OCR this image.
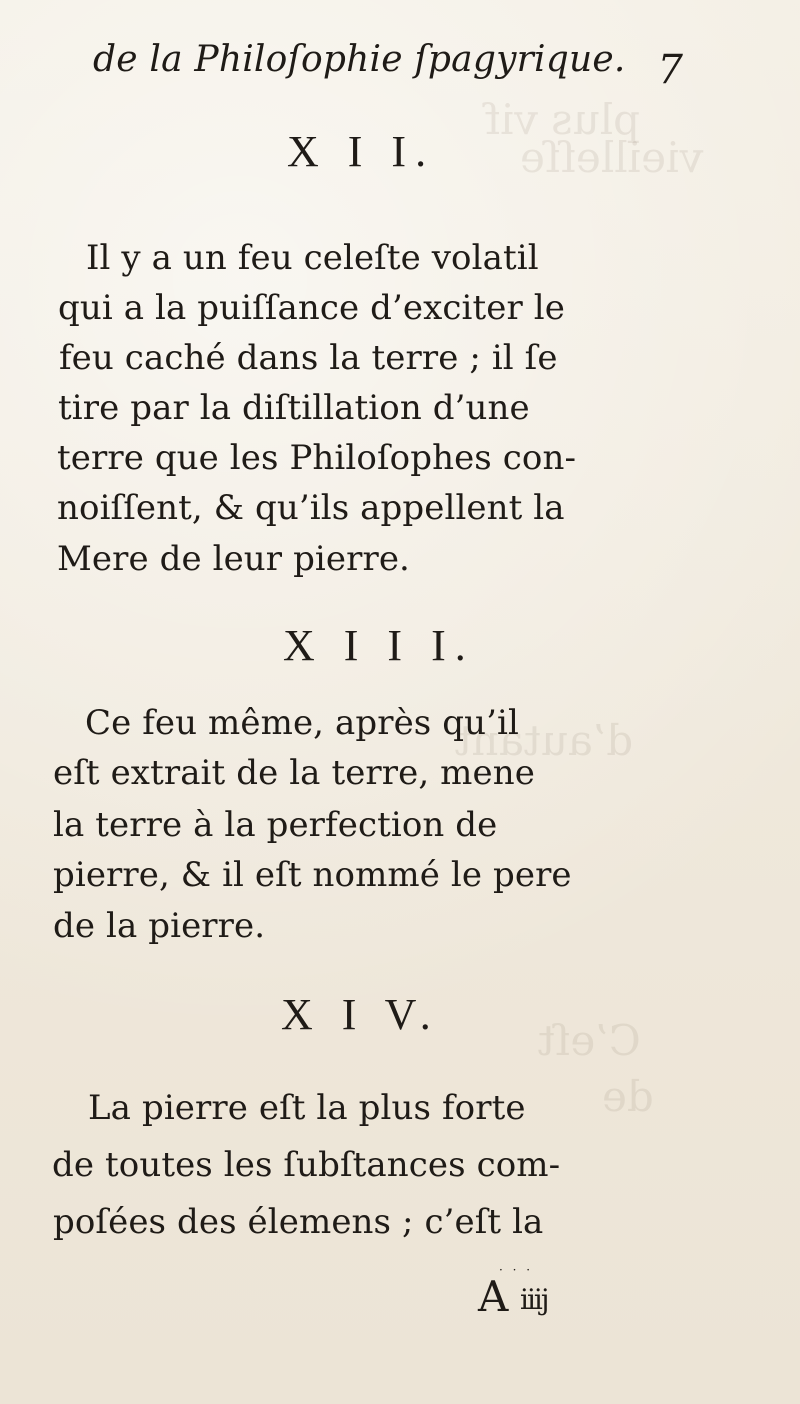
plus vif
vieilleſſe
d’autant
C’eſt
de
de la Philoſophie ſpagyrique. 7
X I I.
Il y a un feu celeſte volatil
qui a la puiſſance d’exciter le
feu caché dans la terre ; il ſe
tire par la diſtillation d’une
terre que les Philoſophes con-
noiſſent, & qu’ils appellent la
Mere de leur pierre.
X I I I.
Ce feu même, après qu’il
eſt extrait de la terre, mene
la terre à la perfection de
pierre, & il eſt nommé le pere
de la pierre.
X I V.
La pierre eſt la plus forte
de toutes les ſubſtances com-
poſées des élemens ; c’eſt la
· · ·
A iiij
